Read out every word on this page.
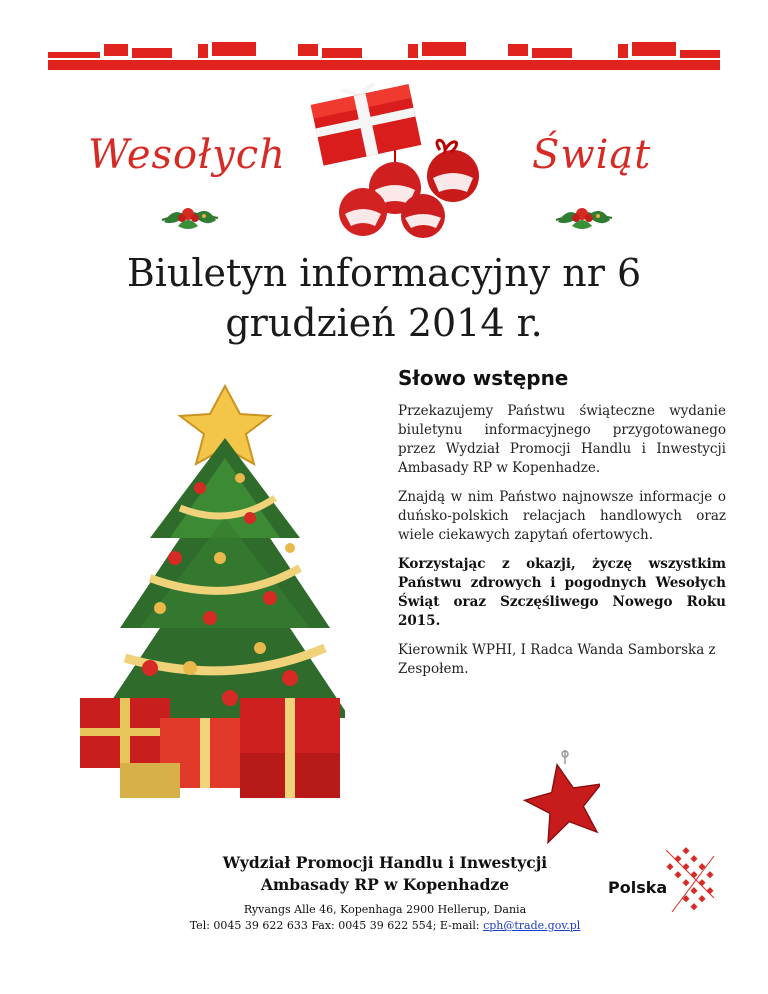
Wesołych	Świąt
Biuletyn informacyjny nr 6
grudzień 2014 r.
Słowo wstępne

Przekazujemy Państwu świąteczne wydanie biuletynu informacyjnego przygotowanego przez Wydział Promocji Handlu i Inwestycji Ambasady RP w Kopenhadze.

Znajdą w nim Państwo najnowsze informacje o duńsko-polskich relacjach handlowych oraz wiele ciekawych zapytań ofertowych.

Korzystając z okazji, życzę wszystkim Państwu zdrowych i pogodnych Wesołych Świąt oraz Szczęśliwego Nowego Roku 2015.

Kierownik WPHI, I Radca Wanda Samborska z Zespołem.

Wydział Promocji Handlu i Inwestycji
Ambasady RP w Kopenhadze
Ryvangs Alle 46, Kopenhaga 2900 Hellerup, Dania
Tel: 0045 39 622 633 Fax: 0045 39 622 554; E-mail: cph@trade.gov.pl
Polska
